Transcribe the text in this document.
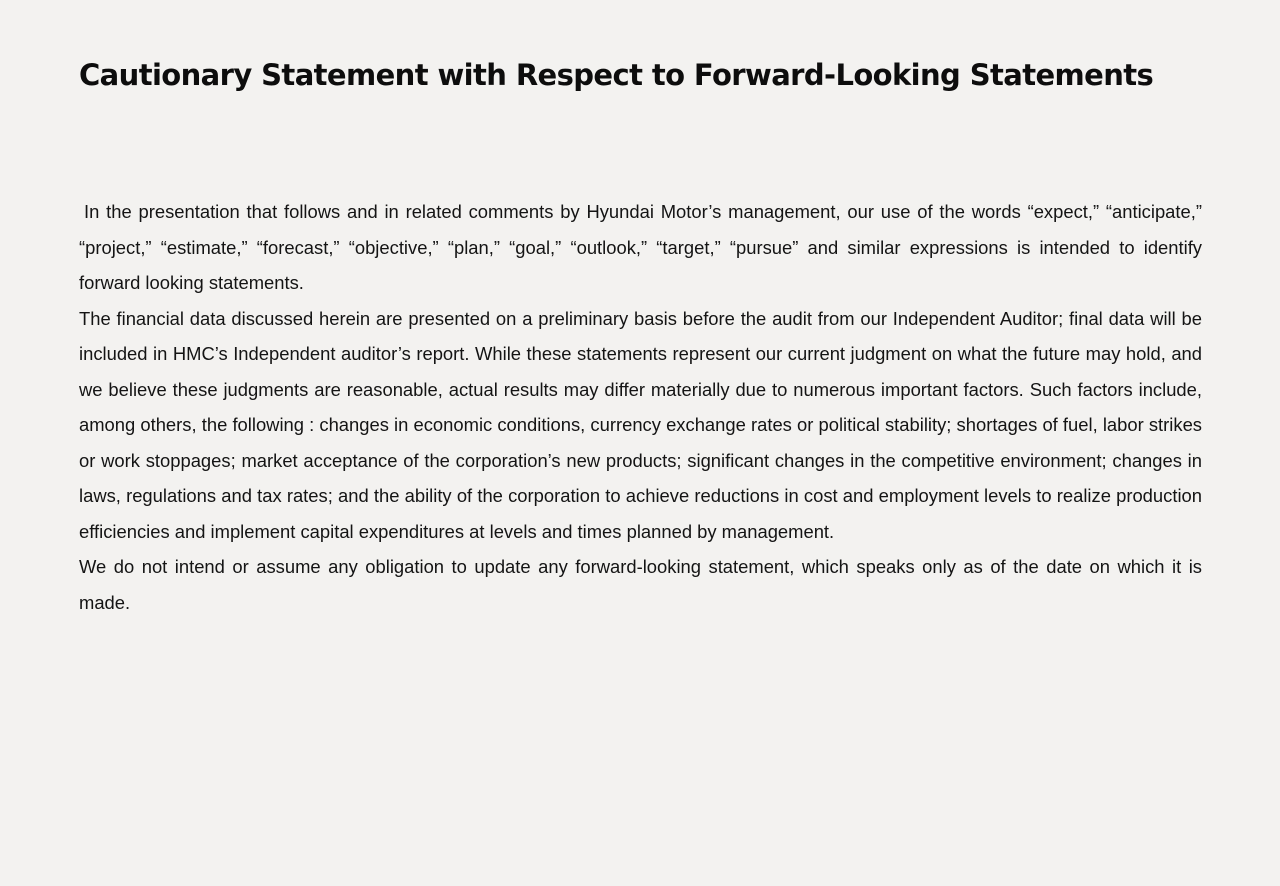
Cautionary Statement with Respect to Forward-Looking Statements

In the presentation that follows and in related comments by Hyundai Motor’s management, our use of the words “expect,” “anticipate,” “project,” “estimate,” “forecast,” “objective,” “plan,” “goal,” “outlook,” “target,” “pursue” and similar expressions is intended to identify forward looking statements.

The financial data discussed herein are presented on a preliminary basis before the audit from our Independent Auditor; final data will be included in HMC’s Independent auditor’s report. While these statements represent our current judgment on what the future may hold, and we believe these judgments are reasonable, actual results may differ materially due to numerous important factors. Such factors include, among others, the following : changes in economic conditions, currency exchange rates or political stability; shortages of fuel, labor strikes or work stoppages; market acceptance of the corporation’s new products; significant changes in the competitive environment; changes in laws, regulations and tax rates; and the ability of the corporation to achieve reductions in cost and employment levels to realize production efficiencies and implement capital expenditures at levels and times planned by management.

We do not intend or assume any obligation to update any forward-looking statement, which speaks only as of the date on which it is made.
